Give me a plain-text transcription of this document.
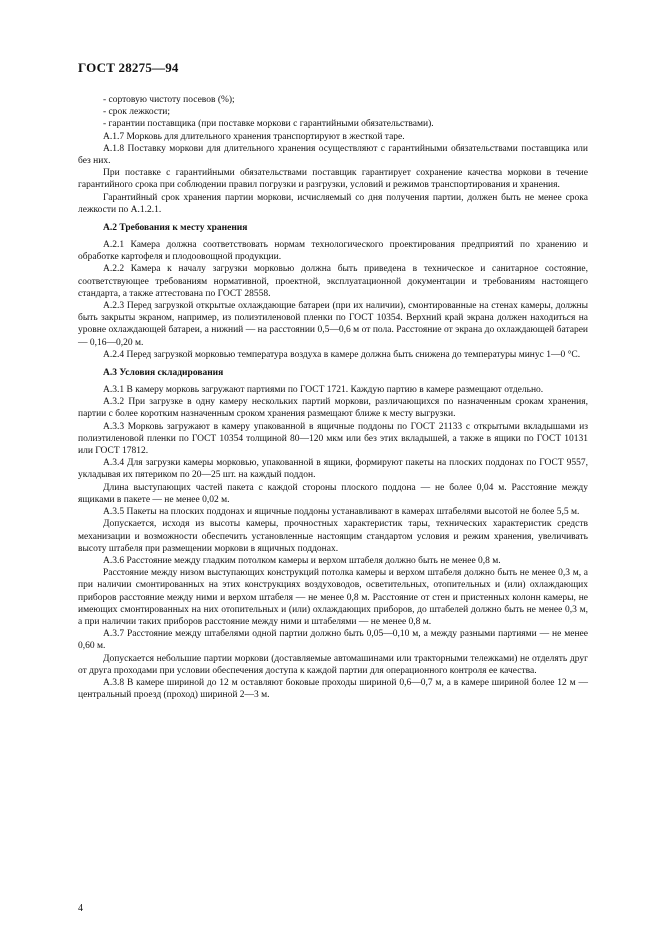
ГОСТ 28275—94

- сортовую чистоту посевов (%);

- срок лежкости;

- гарантии поставщика (при поставке моркови с гарантийными обязательствами).

А.1.7 Морковь для длительного хранения транспортируют в жесткой таре.

А.1.8 Поставку моркови для длительного хранения осуществляют с гарантийными обязательствами поставщика или без них.

При поставке с гарантийными обязательствами поставщик гарантирует сохранение качества моркови в течение гарантийного срока при соблюдении правил погрузки и разгрузки, условий и режимов транспортирования и хранения.

Гарантийный срок хранения партии моркови, исчисляемый со дня получения партии, должен быть не менее срока лежкости по А.1.2.1.

А.2 Требования к месту хранения

А.2.1 Камера должна соответствовать нормам технологического проектирования предприятий по хранению и обработке картофеля и плодоовощной продукции.

А.2.2 Камера к началу загрузки морковью должна быть приведена в техническое и санитарное состояние, соответствующее требованиям нормативной, проектной, эксплуатационной документации и требованиям настоящего стандарта, а также аттестована по ГОСТ 28558.

А.2.3 Перед загрузкой открытые охлаждающие батареи (при их наличии), смонтированные на стенах камеры, должны быть закрыты экраном, например, из полиэтиленовой пленки по ГОСТ 10354. Верхний край экрана должен находиться на уровне охлаждающей батареи, а нижний — на расстоянии 0,5—0,6 м от пола. Расстояние от экрана до охлаждающей батареи — 0,16—0,20 м.

А.2.4 Перед загрузкой морковью температура воздуха в камере должна быть снижена до температуры минус 1—0 °С.

А.3 Условия складирования

А.3.1 В камеру морковь загружают партиями по ГОСТ 1721. Каждую партию в камере размещают отдельно.

А.3.2 При загрузке в одну камеру нескольких партий моркови, различающихся по назначенным срокам хранения, партии с более коротким назначенным сроком хранения размещают ближе к месту выгрузки.

А.3.3 Морковь загружают в камеру упакованной в ящичные поддоны по ГОСТ 21133 с открытыми вкладышами из полиэтиленовой пленки по ГОСТ 10354 толщиной 80—120 мкм или без этих вкладышей, а также в ящики по ГОСТ 10131 или ГОСТ 17812.

А.3.4 Для загрузки камеры морковью, упакованной в ящики, формируют пакеты на плоских поддонах по ГОСТ 9557, укладывая их пятериком по 20—25 шт. на каждый поддон.

Длина выступающих частей пакета с каждой стороны плоского поддона — не более 0,04 м. Расстояние между ящиками в пакете — не менее 0,02 м.

А.3.5 Пакеты на плоских поддонах и ящичные поддоны устанавливают в камерах штабелями высотой не более 5,5 м.

Допускается, исходя из высоты камеры, прочностных характеристик тары, технических характеристик средств механизации и возможности обеспечить установленные настоящим стандартом условия и режим хранения, увеличивать высоту штабеля при размещении моркови в ящичных поддонах.

А.3.6 Расстояние между гладким потолком камеры и верхом штабеля должно быть не менее 0,8 м.

Расстояние между низом выступающих конструкций потолка камеры и верхом штабеля должно быть не менее 0,3 м, а при наличии смонтированных на этих конструкциях воздуховодов, осветительных, отопительных и (или) охлаждающих приборов расстояние между ними и верхом штабеля — не менее 0,8 м. Расстояние от стен и пристенных колонн камеры, не имеющих смонтированных на них отопительных и (или) охлаждающих приборов, до штабелей должно быть не менее 0,3 м, а при наличии таких приборов расстояние между ними и штабелями — не менее 0,8 м.

А.3.7 Расстояние между штабелями одной партии должно быть 0,05—0,10 м, а между разными партиями — не менее 0,60 м.

Допускается небольшие партии моркови (доставляемые автомашинами или тракторными тележками) не отделять друг от друга проходами при условии обеспечения доступа к каждой партии для операционного контроля ее качества.

А.3.8 В камере шириной до 12 м оставляют боковые проходы шириной 0,6—0,7 м, а в камере шириной более 12 м — центральный проезд (проход) шириной 2—3 м.

4
